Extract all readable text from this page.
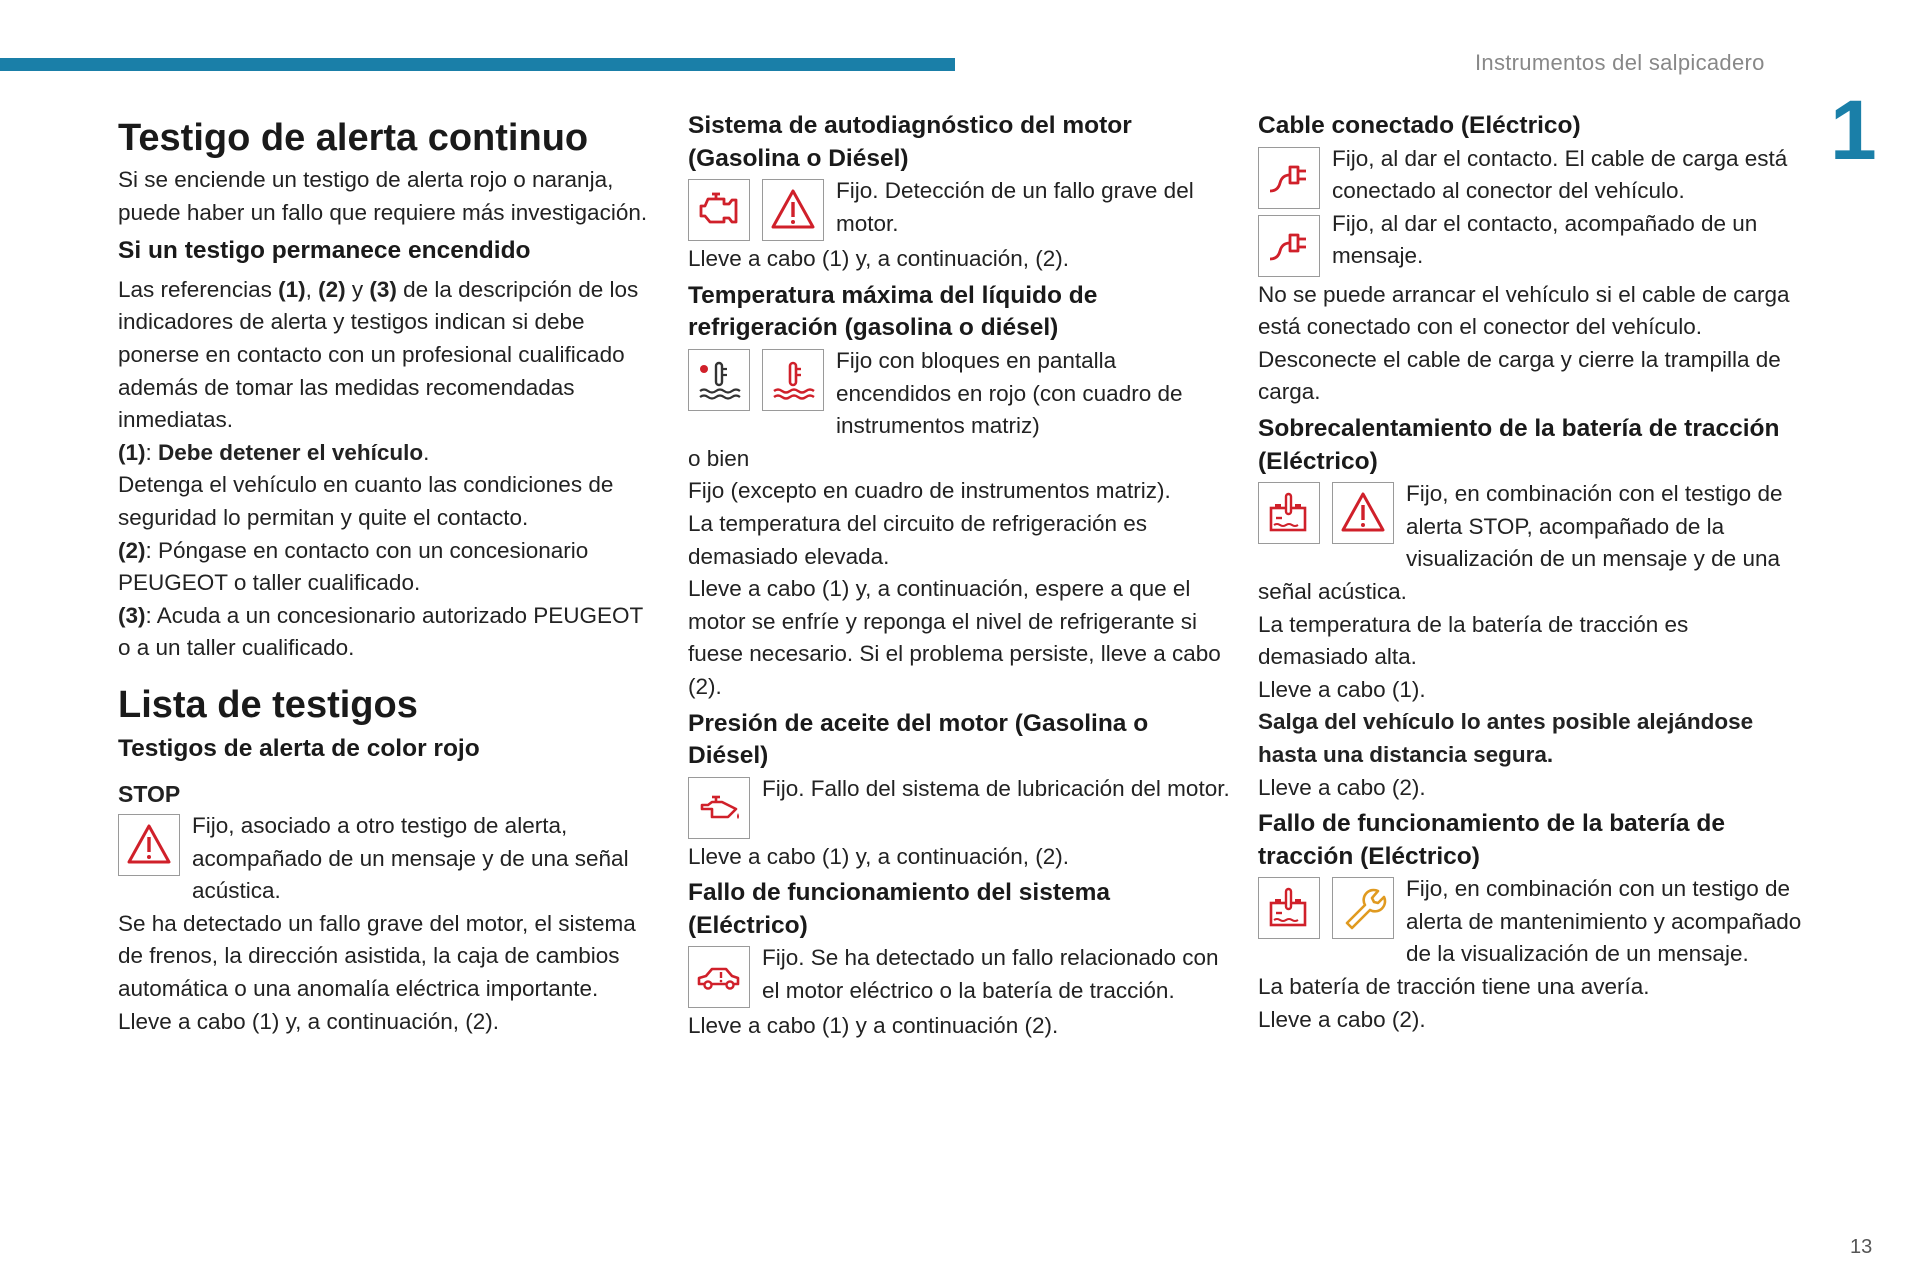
Instrumentos del salpicadero
1
13

Testigo de alerta continuo

Si se enciende un testigo de alerta rojo o naranja, puede haber un fallo que requiere más investigación.

Si un testigo permanece encendido

Las referencias (1), (2) y (3) de la descripción de los indicadores de alerta y testigos indican si debe ponerse en contacto con un profesional cualificado además de tomar las medidas recomendadas inmediatas.

(1): Debe detener el vehículo.

Detenga el vehículo en cuanto las condiciones de seguridad lo permitan y quite el contacto.

(2): Póngase en contacto con un concesionario PEUGEOT o taller cualificado.

(3): Acuda a un concesionario autorizado PEUGEOT o a un taller cualificado.

Lista de testigos

Testigos de alerta de color rojo

STOP

Fijo, asociado a otro testigo de alerta, acompañado de un mensaje y de una señal acústica.

Se ha detectado un fallo grave del motor, el sistema de frenos, la dirección asistida, la caja de cambios automática o una anomalía eléctrica importante.

Lleve a cabo (1) y, a continuación, (2).

Sistema de autodiagnóstico del motor (Gasolina o Diésel)

Fijo. Detección de un fallo grave del motor.

Lleve a cabo (1) y, a continuación, (2).

Temperatura máxima del líquido de refrigeración (gasolina o diésel)

Fijo con bloques en pantalla encendidos en rojo (con cuadro de instrumentos matriz)

o bien

Fijo (excepto en cuadro de instrumentos matriz).

La temperatura del circuito de refrigeración es demasiado elevada.

Lleve a cabo (1) y, a continuación, espere a que el motor se enfríe y reponga el nivel de refrigerante si fuese necesario. Si el problema persiste, lleve a cabo (2).

Presión de aceite del motor (Gasolina o Diésel)

Fijo. Fallo del sistema de lubricación del motor.

Lleve a cabo (1) y, a continuación, (2).

Fallo de funcionamiento del sistema (Eléctrico)

Fijo. Se ha detectado un fallo relacionado con el motor eléctrico o la batería de tracción.

Lleve a cabo (1) y a continuación (2).

Cable conectado (Eléctrico)

Fijo, al dar el contacto. El cable de carga está conectado al conector del vehículo.

Fijo, al dar el contacto, acompañado de un mensaje.

No se puede arrancar el vehículo si el cable de carga está conectado con el conector del vehículo.

Desconecte el cable de carga y cierre la trampilla de carga.

Sobrecalentamiento de la batería de tracción (Eléctrico)

Fijo, en combinación con el testigo de alerta STOP, acompañado de la visualización de un mensaje y de una señal acústica.

La temperatura de la batería de tracción es demasiado alta.

Lleve a cabo (1).

Salga del vehículo lo antes posible alejándose hasta una distancia segura.

Lleve a cabo (2).

Fallo de funcionamiento de la batería de tracción (Eléctrico)

Fijo, en combinación con un testigo de alerta de mantenimiento y acompañado de la visualización de un mensaje.

La batería de tracción tiene una avería.

Lleve a cabo (2).
